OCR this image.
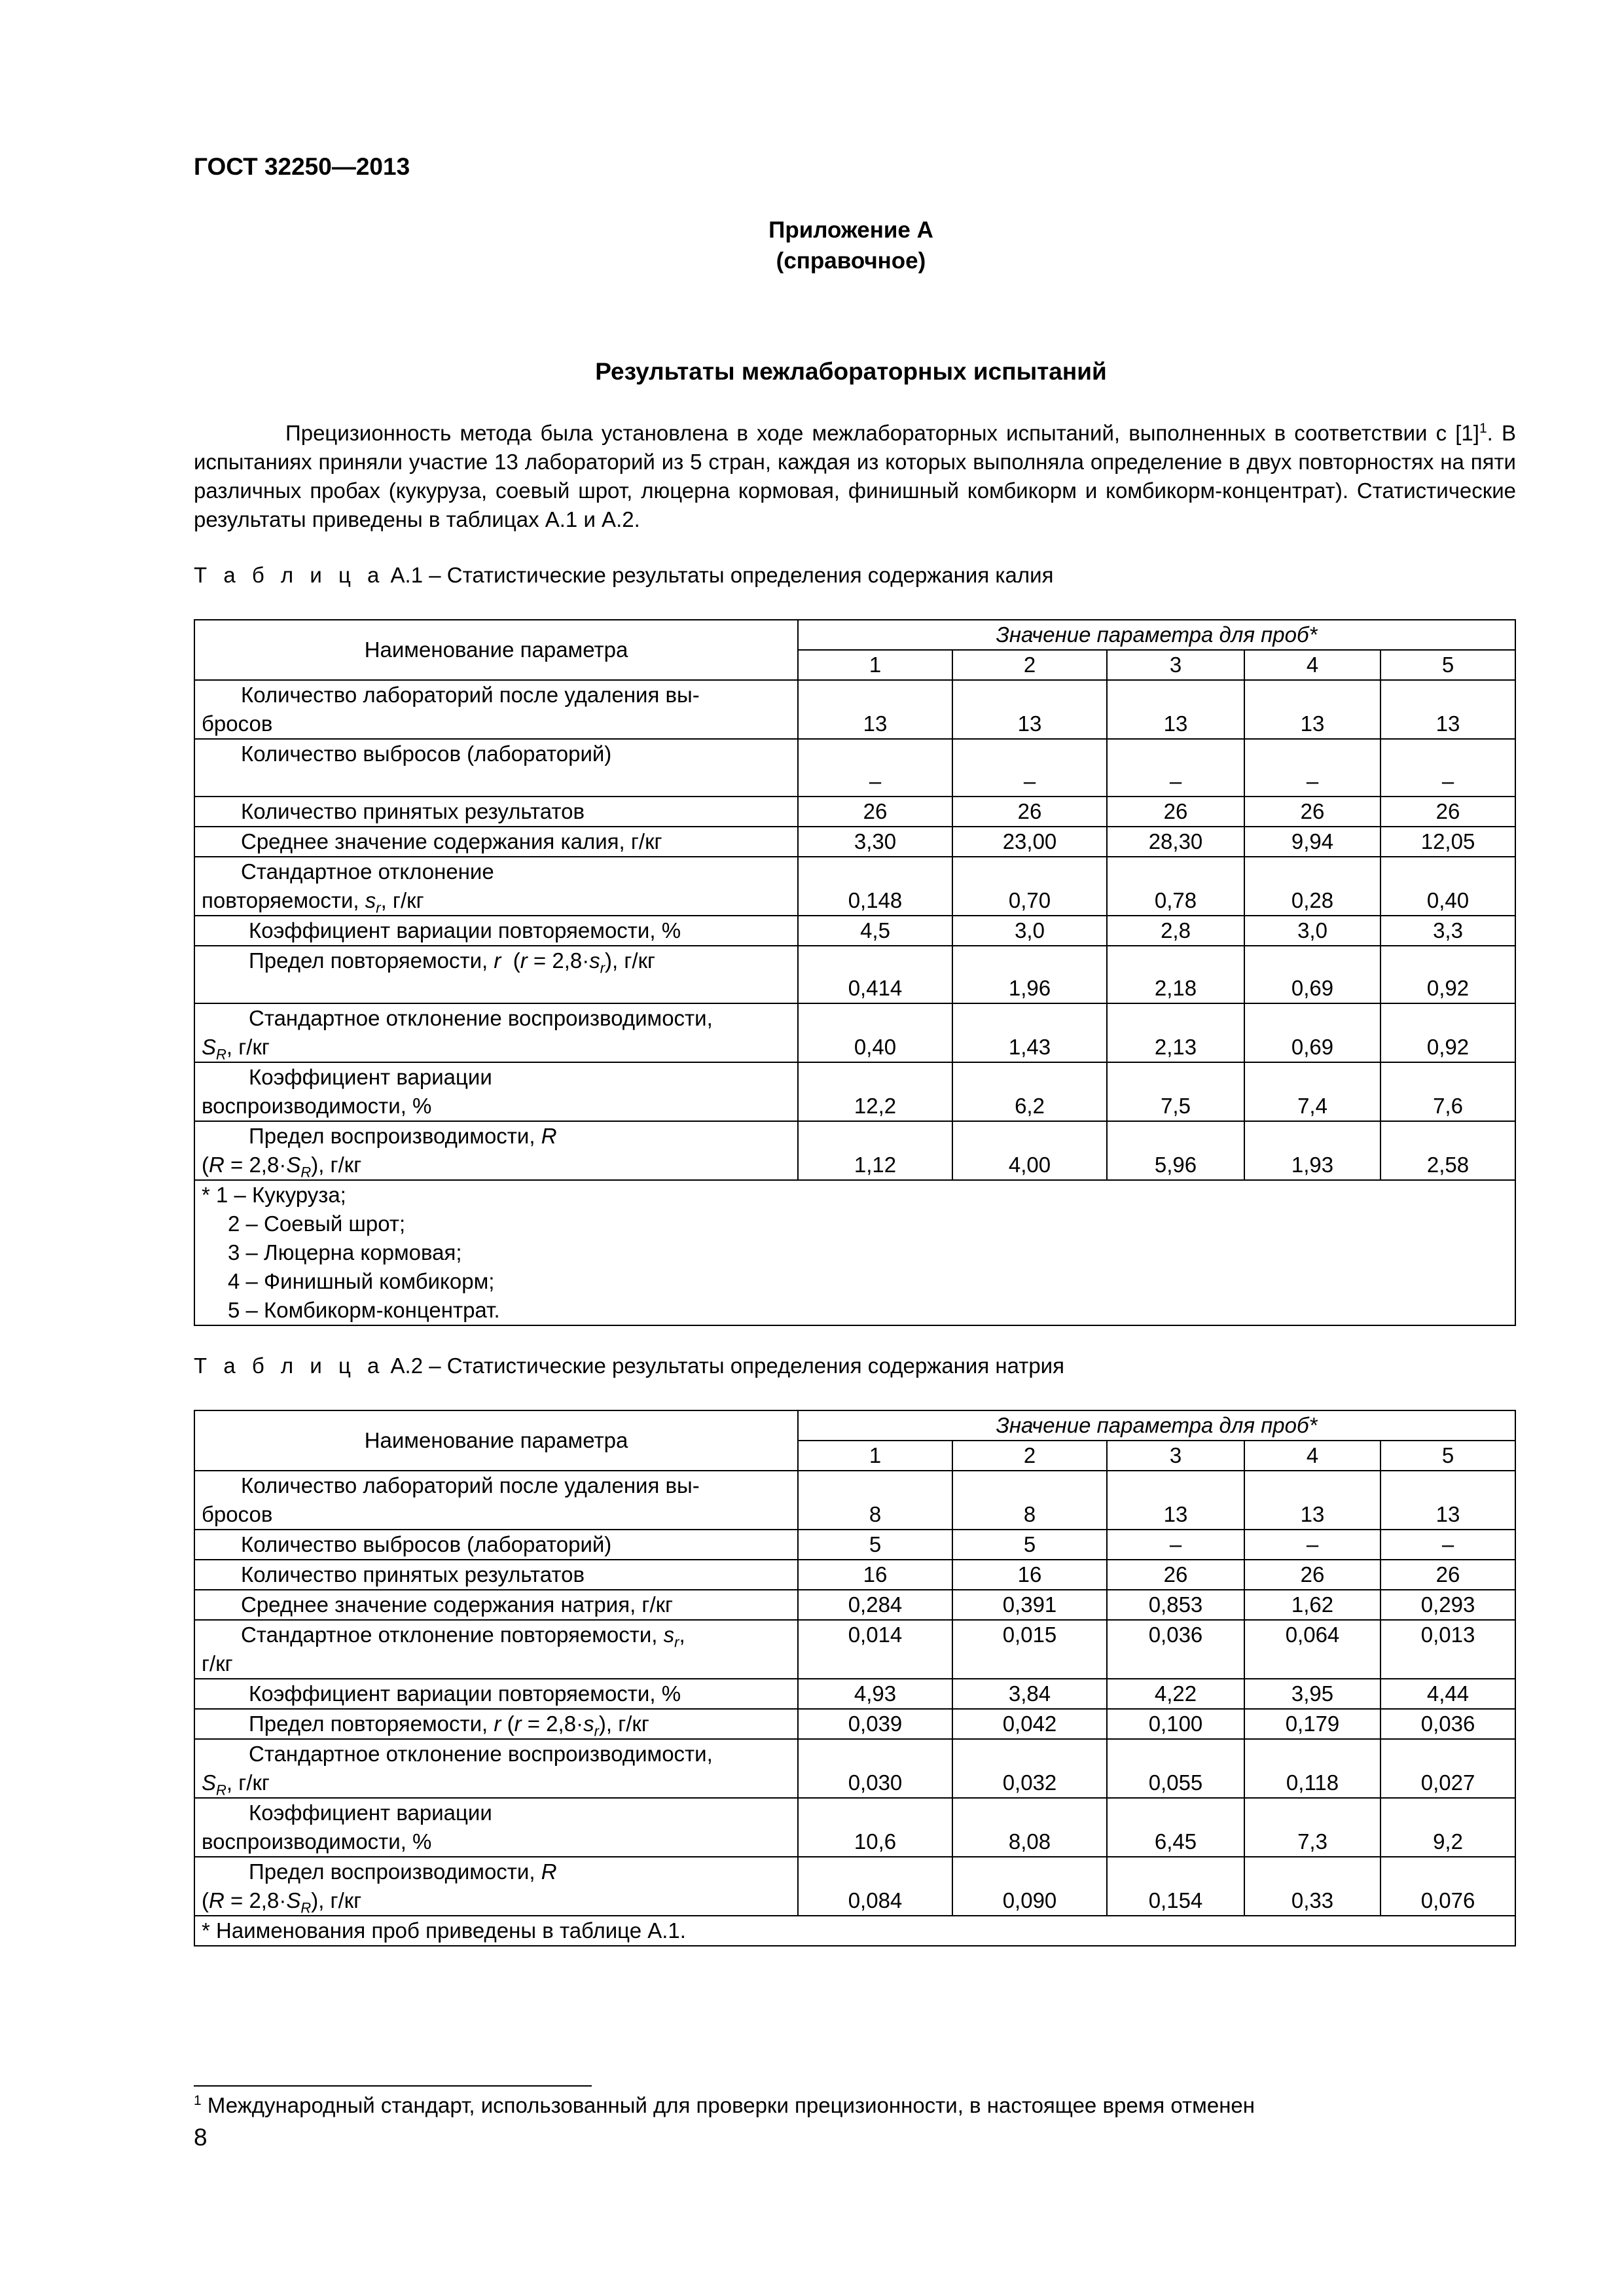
ГОСТ 32250—2013
Приложение А
(справочное)
Результаты межлабораторных испытаний
Прецизионность метода была установлена в ходе межлабораторных испытаний, выполненных в соответствии с $[1]^1$. В испытаниях приняли участие 13 лабораторий из 5 стран, каждая из которых выполняла определение в двух повторностях на пяти различных пробах (кукуруза, соевый шрот, люцерна кормовая, финишный комбикорм и комбикорм-концентрат). Статистические результаты приведены в таблицах А.1 и А.2.
Т а б л и ц а А.1 – Статистические результаты определения содержания калия
Наименование параметра	Значение параметра для проб*				
	1	2	3	4	5

Количество лабораторий после удаления вы-
бросов	13	13	13	13	13

Количество выбросов (лабораторий)	–	–	–	–	–

Количество принятых результатов	26	26	26	26	26

Среднее значение содержания калия, г/кг	3,30	23,00	28,30	9,94	12,05

Стандартное отклонение
повторяемости, $s_r$, г/кг	0,148	0,70	0,78	0,28	0,40

Коэффициент вариации повторяемости, %	4,5	3,0	2,8	3,0	3,3

Предел повторяемости, r  $(r = 2,8\cdot s_r)$, г/кг	0,414	1,96	2,18	0,69	0,92

Стандартное отклонение воспроизводимости,
$S_R$, г/кг	0,40	1,43	2,13	0,69	0,92

Коэффициент вариации
воспроизводимости, %	12,2	6,2	7,5	7,4	7,6

Предел воспроизводимости, R
$(R = 2,8\cdot S_R)$, г/кг	1,12	4,00	5,96	1,93	2,58

* 1 – Кукуруза;
2 – Соевый шрот;
3 – Люцерна кормовая;
4 – Финишный комбикорм;
5 – Комбикорм-концентрат.					
Т а б л и ц а А.2 – Статистические результаты определения содержания натрия
Наименование параметра	Значение параметра для проб*				
	1	2	3	4	5

Количество лабораторий после удаления вы-
бросов	8	8	13	13	13

Количество выбросов (лабораторий)	5	5	–	–	–

Количество принятых результатов	16	16	26	26	26

Среднее значение содержания натрия, г/кг	0,284	0,391	0,853	1,62	0,293

Стандартное отклонение повторяемости, $s_r$,
г/кг	0,014	0,015	0,036	0,064	0,013

Коэффициент вариации повторяемости, %	4,93	3,84	4,22	3,95	4,44

Предел повторяемости, r $(r = 2,8\cdot s_r)$, г/кг	0,039	0,042	0,100	0,179	0,036

Стандартное отклонение воспроизводимости,
$S_R$, г/кг	0,030	0,032	0,055	0,118	0,027

Коэффициент вариации
воспроизводимости, %	10,6	8,08	6,45	7,3	9,2

Предел воспроизводимости, R
$(R = 2,8\cdot S_R)$, г/кг	0,084	0,090	0,154	0,33	0,076

* Наименования проб приведены в таблице А.1.					
$^1$ Международный стандарт, использованный для проверки прецизионности, в настоящее время отменен
8
